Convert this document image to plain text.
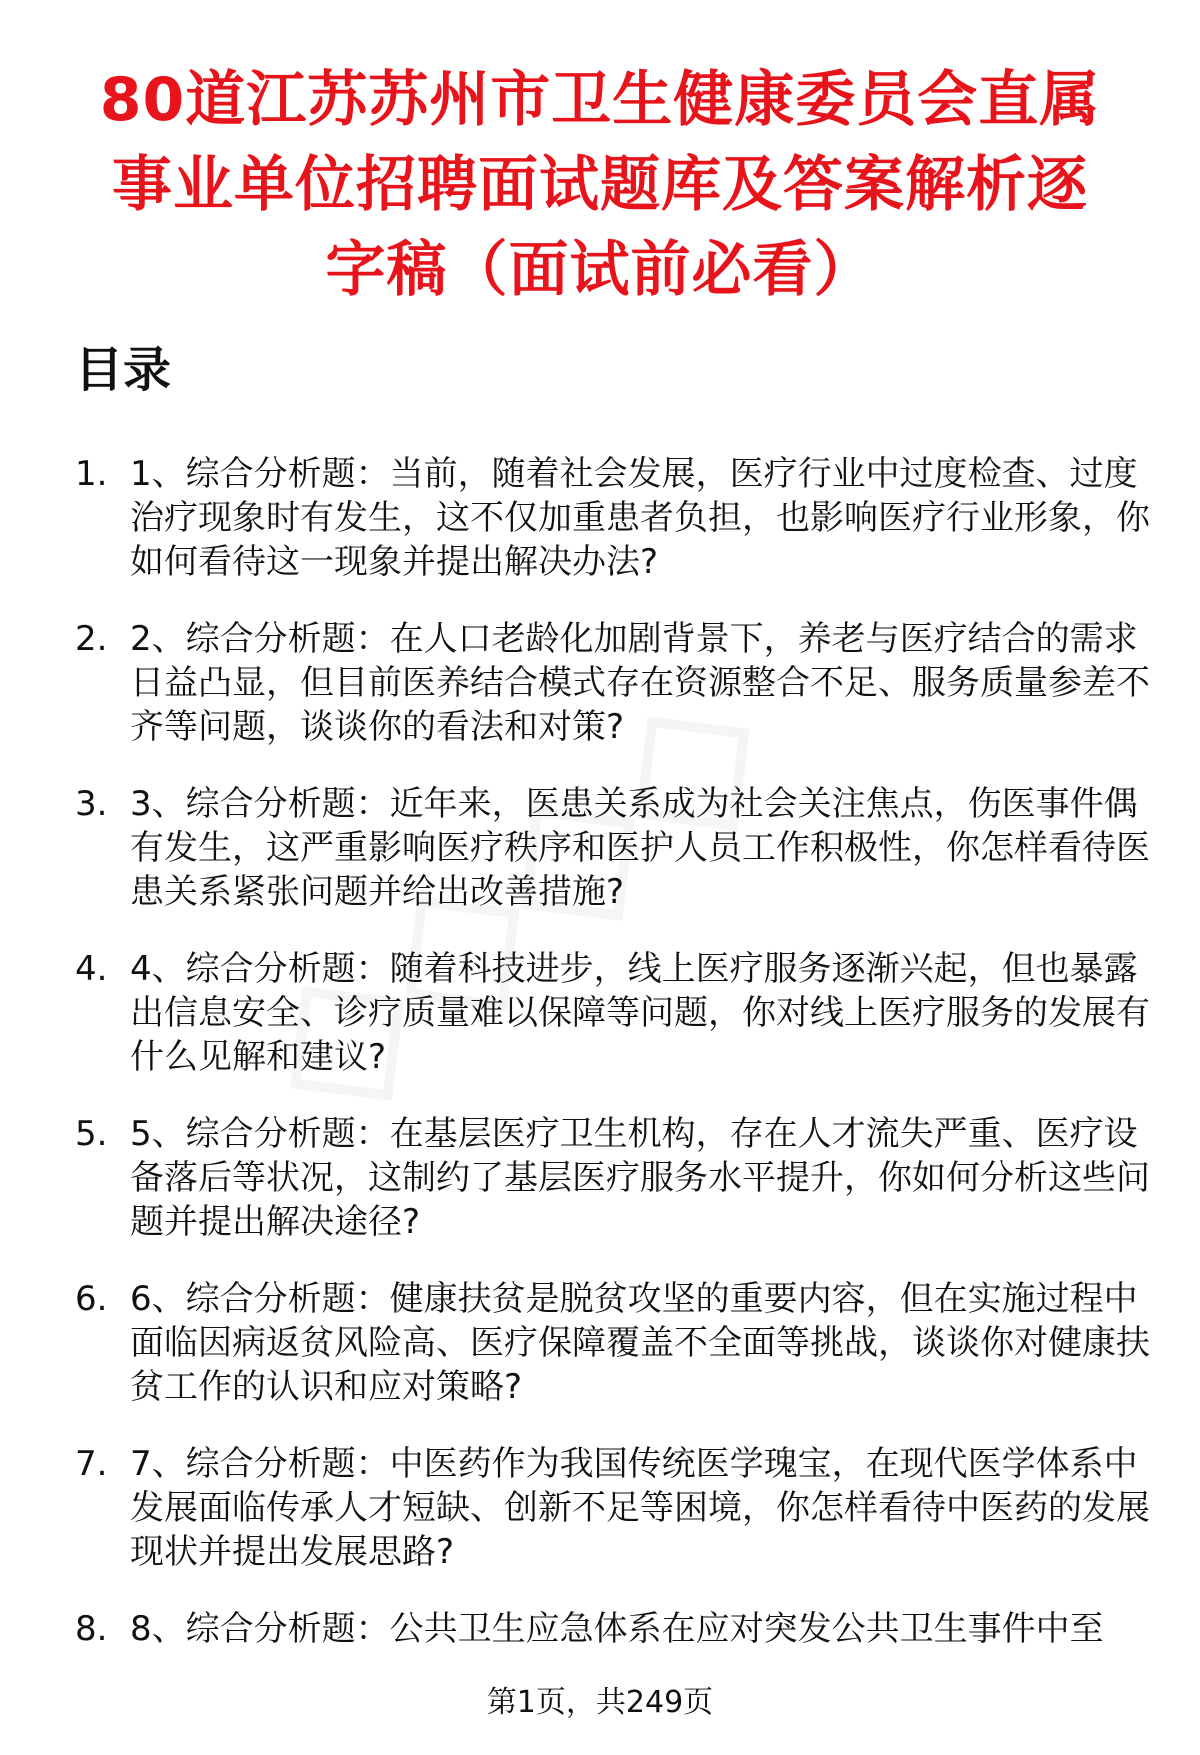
80道江苏苏州市卫生健康委员会直属事业单位招聘面试题库及答案解析逐字稿（面试前必看）
目录
1. 1、综合分析题：当前，随着社会发展，医疗行业中过度检查、过度治疗现象时有发生，这不仅加重患者负担，也影响医疗行业形象，你如何看待这一现象并提出解决办法?
2. 2、综合分析题：在人口老龄化加剧背景下，养老与医疗结合的需求日益凸显，但目前医养结合模式存在资源整合不足、服务质量参差不齐等问题，谈谈你的看法和对策?
3. 3、综合分析题：近年来，医患关系成为社会关注焦点，伤医事件偶有发生，这严重影响医疗秩序和医护人员工作积极性，你怎样看待医患关系紧张问题并给出改善措施?
4. 4、综合分析题：随着科技进步，线上医疗服务逐渐兴起，但也暴露出信息安全、诊疗质量难以保障等问题，你对线上医疗服务的发展有什么见解和建议?
5. 5、综合分析题：在基层医疗卫生机构，存在人才流失严重、医疗设备落后等状况，这制约了基层医疗服务水平提升，你如何分析这些问题并提出解决途径?
6. 6、综合分析题：健康扶贫是脱贫攻坚的重要内容，但在实施过程中面临因病返贫风险高、医疗保障覆盖不全面等挑战，谈谈你对健康扶贫工作的认识和应对策略?
7. 7、综合分析题：中医药作为我国传统医学瑰宝，在现代医学体系中发展面临传承人才短缺、创新不足等困境，你怎样看待中医药的发展现状并提出发展思路?
8. 8、综合分析题：公共卫生应急体系在应对突发公共卫生事件中至
第1页，共249页
